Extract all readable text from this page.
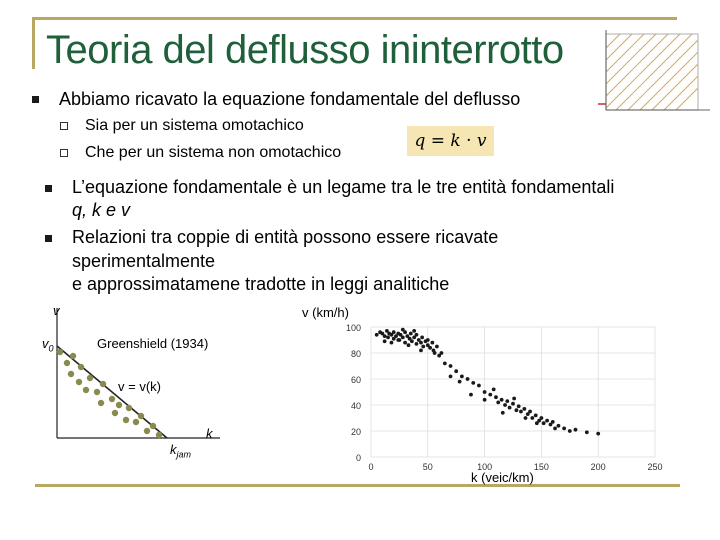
Teoria del deflusso ininterrotto
Abbiamo ricavato la equazione fondamentale del deflusso
Sia per un sistema omotachico
Che per un sistema non omotachico
q = k · v
L’equazione fondamentale è un legame tra le tre entità fondamentali
q, k e v
Relazioni tra coppie di entità possono essere ricavate
sperimentalmente
e approssimatamene tradotte in leggi analitiche
v
$v_0$	Greenshield (1934)
v = v(k)
k
$k_{jam}$	0
20
40
60
80
100
0	50	100	150	200	250
v (km/h)
k (veic/km)
